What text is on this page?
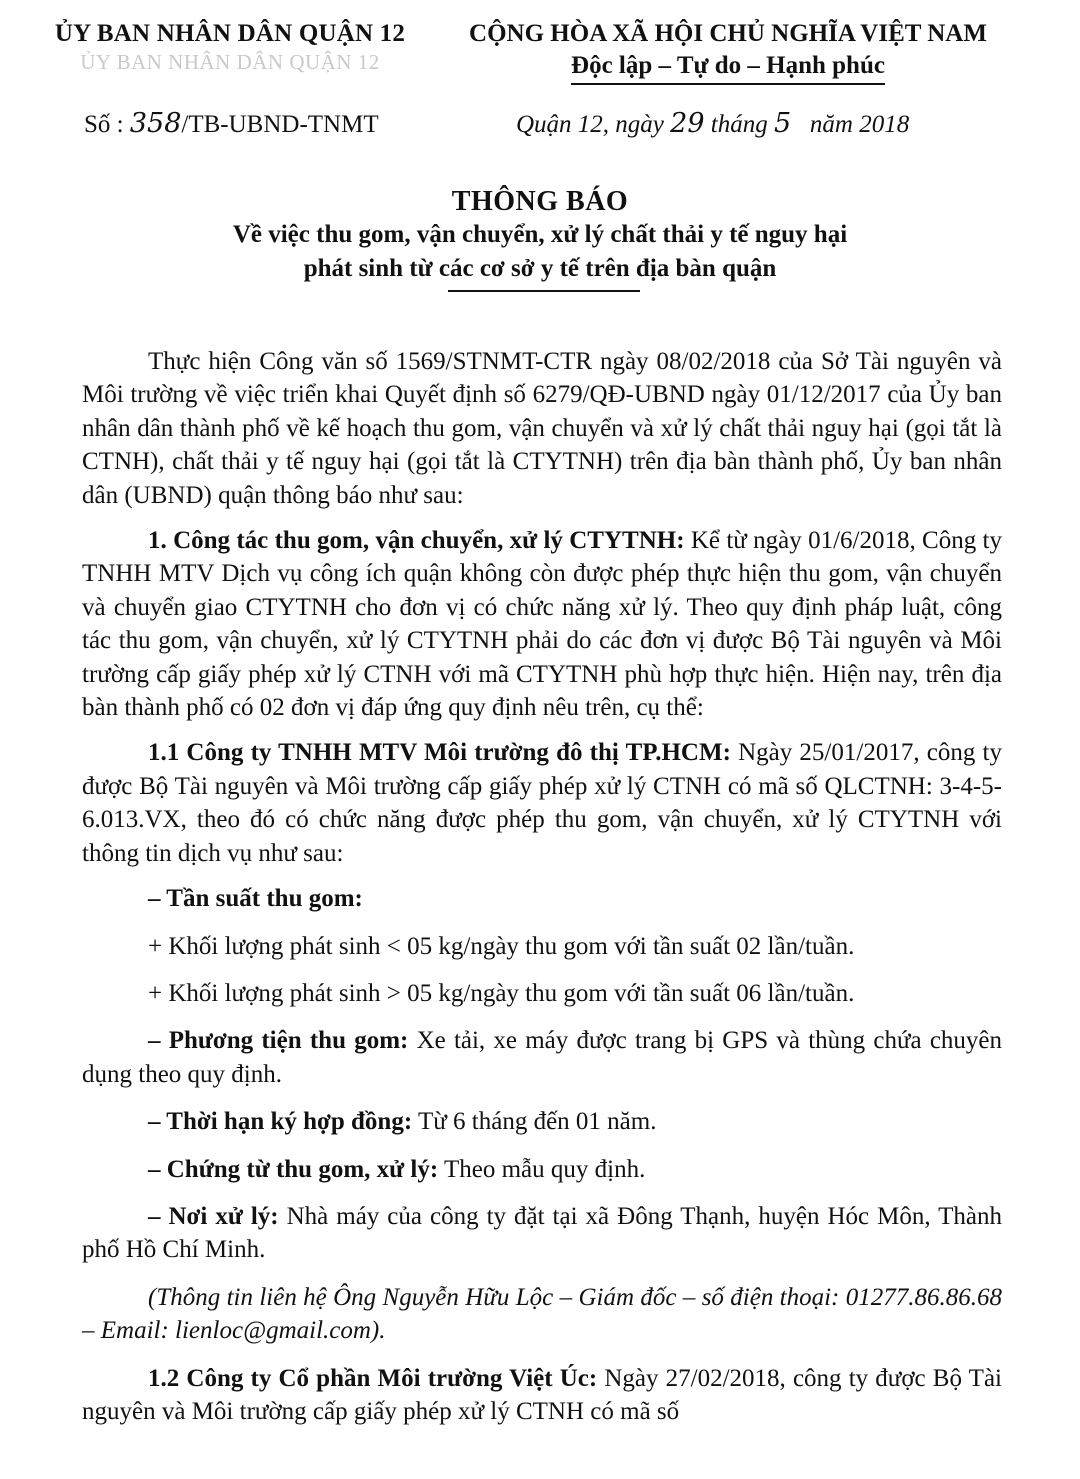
ỦY BAN NHÂN DÂN QUẬN 12
ỦY BAN NHÂN DÂN QUẬN 12
CỘNG HÒA XÃ HỘI CHỦ NGHĨA VIỆT NAM
Độc lập – Tự do – Hạnh phúc
Số : 358/TB-UBND-TNMT	Quận 12, ngày 29 tháng 5   năm 2018
THÔNG BÁO
Về việc thu gom, vận chuyển, xử lý chất thải y tế nguy hại
phát sinh từ các cơ sở y tế trên địa bàn quận

Thực hiện Công văn số 1569/STNMT-CTR ngày 08/02/2018 của Sở Tài nguyên và Môi trường về việc triển khai Quyết định số 6279/QĐ-UBND ngày 01/12/2017 của Ủy ban nhân dân thành phố về kế hoạch thu gom, vận chuyển và xử lý chất thải nguy hại (gọi tắt là CTNH), chất thải y tế nguy hại (gọi tắt là CTYTNH) trên địa bàn thành phố, Ủy ban nhân dân (UBND) quận thông báo như sau:

1. Công tác thu gom, vận chuyển, xử lý CTYTNH: Kể từ ngày 01/6/2018, Công ty TNHH MTV Dịch vụ công ích quận không còn được phép thực hiện thu gom, vận chuyển và chuyển giao CTYTNH cho đơn vị có chức năng xử lý. Theo quy định pháp luật, công tác thu gom, vận chuyển, xử lý CTYTNH phải do các đơn vị được Bộ Tài nguyên và Môi trường cấp giấy phép xử lý CTNH với mã CTYTNH phù hợp thực hiện. Hiện nay, trên địa bàn thành phố có 02 đơn vị đáp ứng quy định nêu trên, cụ thể:

1.1 Công ty TNHH MTV Môi trường đô thị TP.HCM: Ngày 25/01/2017, công ty được Bộ Tài nguyên và Môi trường cấp giấy phép xử lý CTNH có mã số QLCTNH: 3-4-5-6.013.VX, theo đó có chức năng được phép thu gom, vận chuyển, xử lý CTYTNH với thông tin dịch vụ như sau:

– Tần suất thu gom:

+ Khối lượng phát sinh < 05 kg/ngày thu gom với tần suất 02 lần/tuần.

+ Khối lượng phát sinh > 05 kg/ngày thu gom với tần suất 06 lần/tuần.

– Phương tiện thu gom: Xe tải, xe máy được trang bị GPS và thùng chứa chuyên dụng theo quy định.

– Thời hạn ký hợp đồng: Từ 6 tháng đến 01 năm.

– Chứng từ thu gom, xử lý: Theo mẫu quy định.

– Nơi xử lý: Nhà máy của công ty đặt tại xã Đông Thạnh, huyện Hóc Môn, Thành phố Hồ Chí Minh.

(Thông tin liên hệ Ông Nguyễn Hữu Lộc – Giám đốc – số điện thoại: 01277.86.86.68 – Email: lienloc@gmail.com).

1.2 Công ty Cổ phần Môi trường Việt Úc: Ngày 27/02/2018, công ty được Bộ Tài nguyên và Môi trường cấp giấy phép xử lý CTNH có mã số
